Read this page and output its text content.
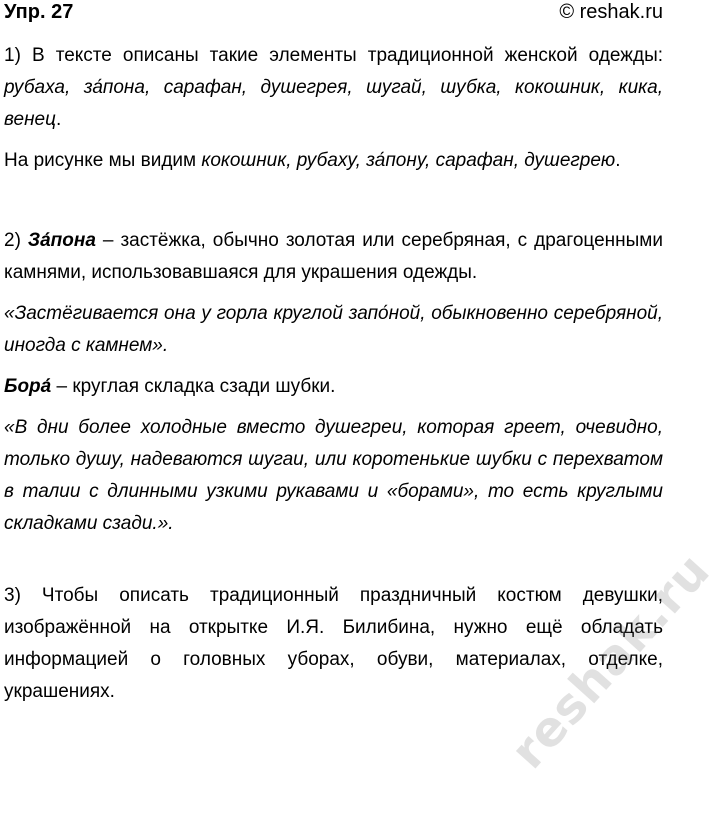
Упр. 27	© reshak.ru

1) В тексте описаны такие элементы традиционной женской одежды: рубаха, за́пона, сарафан, душегрея, шугай, шубка, кокошник, кика, венец.

На рисунке мы видим кокошник, рубаху, за́пону, сарафан, душегрею.

2) За́пона – застёжка, обычно золотая или серебряная, с драгоценными камнями, использовавшаяся для украшения одежды.

«Застёгивается она у горла круглой запо́ной, обыкновенно серебряной, иногда с камнем».

Бора́ – круглая складка сзади шубки.

«В дни более холодные вместо душегреи, которая греет, очевидно, только душу, надеваются шугаи, или коротенькие шубки с перехватом в талии с длинными узкими рукавами и «борами», то есть круглыми складками сзади.».

3) Чтобы описать традиционный праздничный костюм девушки, изображённой на открытке И.Я. Билибина, нужно ещё обладать информацией о головных уборах, обуви, материалах, отделке, украшениях.	reshak.ru
